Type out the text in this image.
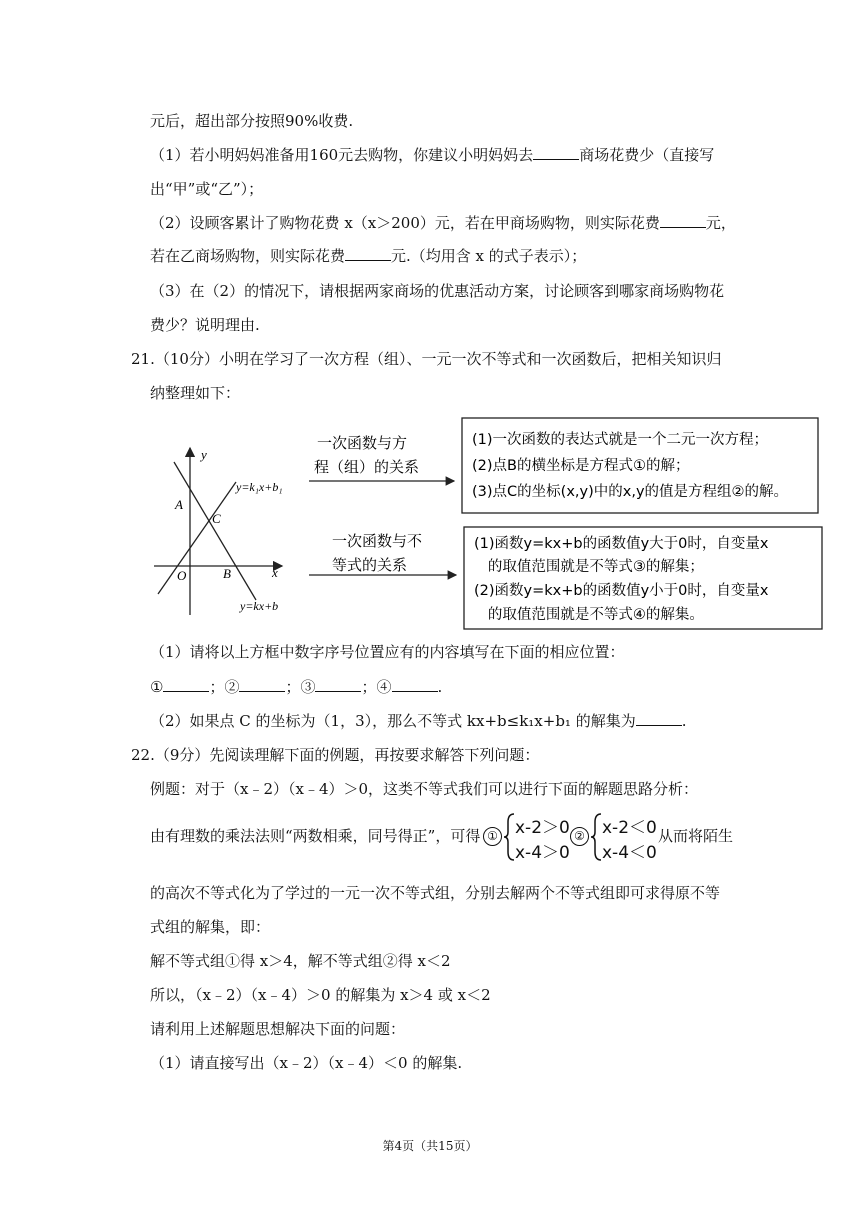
元后，超出部分按照90%收费.
（1）若小明妈妈准备用160元去购物，你建议小明妈妈去	商场花费少（直接写
出“甲”或“乙”）；
（2）设顾客累计了购物花费 x（x＞200）元，若在甲商场购物，则实际花费	元，
若在乙商场购物，则实际花费	元.（均用含 x 的式子表示）；
（3）在（2）的情况下，请根据两家商场的优惠活动方案，讨论顾客到哪家商场购物花
费少？说明理由.
21.（10分）小明在学习了一次方程（组）、一元一次不等式和一次函数后，把相关知识归
纳整理如下：
y
x
O
A
B
C
y=k₁x+b₁
y=kx+b
一次函数与方
程（组）的关系
(1)一次函数的表达式就是一个二元一次方程；
(2)点B的横坐标是方程式①的解；
(3)点C的坐标(x,y)中的x,y的值是方程组②的解。
一次函数与不
等式的关系
(1)函数y=kx+b的函数值y大于0时，自变量x
的取值范围就是不等式③的解集；
(2)函数y=kx+b的函数值y小于0时，自变量x
的取值范围就是不等式④的解集。
（1）请将以上方框中数字序号位置应有的内容填写在下面的相应位置：
①	；②	；③	；④	.
（2）如果点 C 的坐标为（1，3），那么不等式 kx+b≤k₁x+b₁ 的解集为	.
22.（9分）先阅读理解下面的例题，再按要求解答下列问题：
例题：对于（x﹣2）（x﹣4）＞0，这类不等式我们可以进行下面的解题思路分析：
由有理数的乘法法则“两数相乘，同号得正”，可得 ① x-2＞0
x-4＞0
② x-2＜0
x-4＜0
从而将陌生
的高次不等式化为了学过的一元一次不等式组，分别去解两个不等式组即可求得原不等
式组的解集，即：
解不等式组①得 x＞4，解不等式组②得 x＜2
所以，（x﹣2）（x﹣4）＞0 的解集为 x＞4 或 x＜2
请利用上述解题思想解决下面的问题：
（1）请直接写出（x﹣2）（x﹣4）＜0 的解集.
第4页（共15页）
